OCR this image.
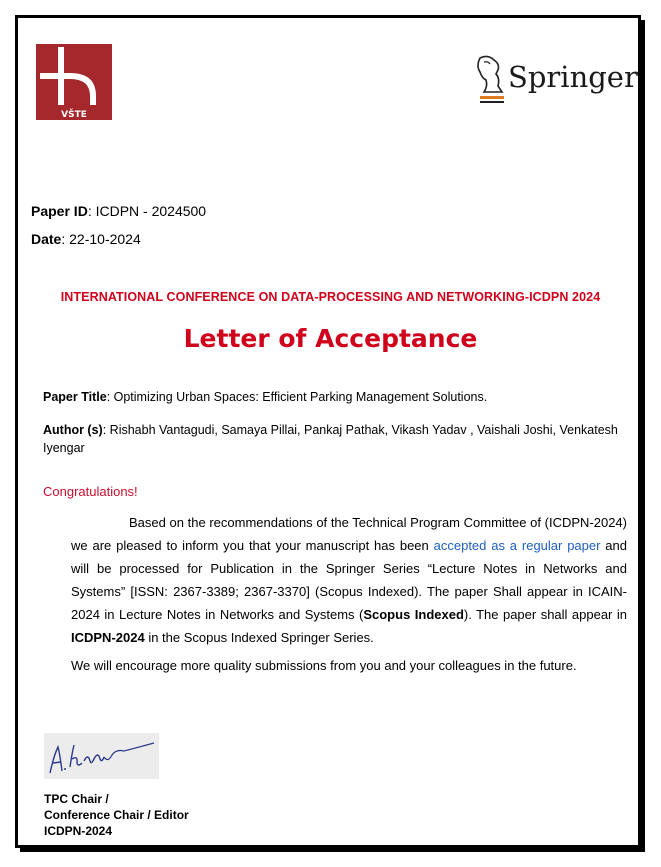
VŠTE
Springer
Paper ID: ICDPN - 2024500
Date: 22-10-2024
INTERNATIONAL CONFERENCE ON DATA-PROCESSING AND NETWORKING-ICDPN 2024
Letter of Acceptance
Paper Title: Optimizing Urban Spaces: Efficient Parking Management Solutions.
Author (s): Rishabh Vantagudi, Samaya Pillai, Pankaj Pathak, Vikash Yadav , Vaishali Joshi, Venkatesh Iyengar
Congratulations!
Based on the recommendations of the Technical Program Committee of (ICDPN-2024) we are pleased to inform you that your manuscript has been accepted as a regular paper and will be processed for Publication in the Springer Series “Lecture Notes in Networks and Systems” [ISSN: 2367-3389; 2367-3370] (Scopus Indexed). The paper Shall appear in ICAIN-2024 in Lecture Notes in Networks and Systems (Scopus Indexed). The paper shall appear in ICDPN-2024 in the Scopus Indexed Springer Series.
We will encourage more quality submissions from you and your colleagues in the future.
TPC Chair /
Conference Chair / Editor
ICDPN-2024
